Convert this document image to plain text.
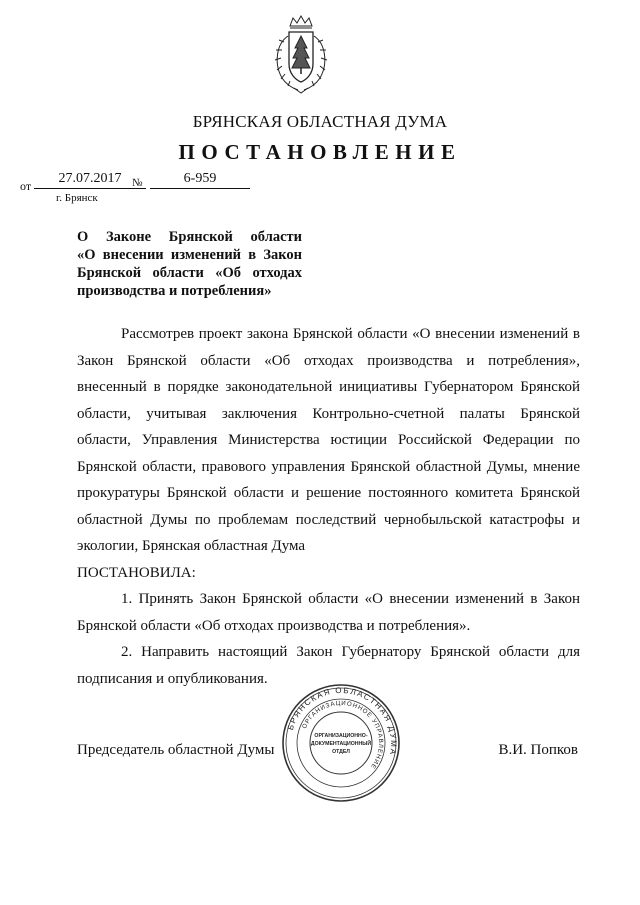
БРЯНСКАЯ ОБЛАСТНАЯ ДУМА
ПОСТАНОВЛЕНИЕ
от	27.07.2017 №	6-959
г. Брянск
О Законе Брянской области
«О внесении изменений в Закон
Брянской области «Об отходах
производства и потребления»

Рассмотрев проект закона Брянской области «О внесении изменений в

Закон Брянской области «Об отходах производства и потребления»,

внесенный в порядке законодательной инициативы Губернатором Брянской

области, учитывая заключения Контрольно-счетной палаты Брянской

области, Управления Министерства юстиции Российской Федерации по

Брянской области, правового управления Брянской областной Думы, мнение

прокуратуры Брянской области и решение постоянного комитета Брянской

областной Думы по проблемам последствий чернобыльской катастрофы и

экологии, Брянская областная Дума

ПОСТАНОВИЛА:

1. Принять Закон Брянской области «О внесении изменений в Закон

Брянской области «Об отходах производства и потребления».

2. Направить настоящий Закон Губернатору Брянской области для

подписания и опубликования.

Председатель областной Думы	В.И. Попков
БРЯНСКАЯ ОБЛАСТНАЯ ДУМА
ОРГАНИЗАЦИОННОЕ УПРАВЛЕНИЕ
ОРГАНИЗАЦИОННО-
ДОКУМЕНТАЦИОННЫЙ
ОТДЕЛ
